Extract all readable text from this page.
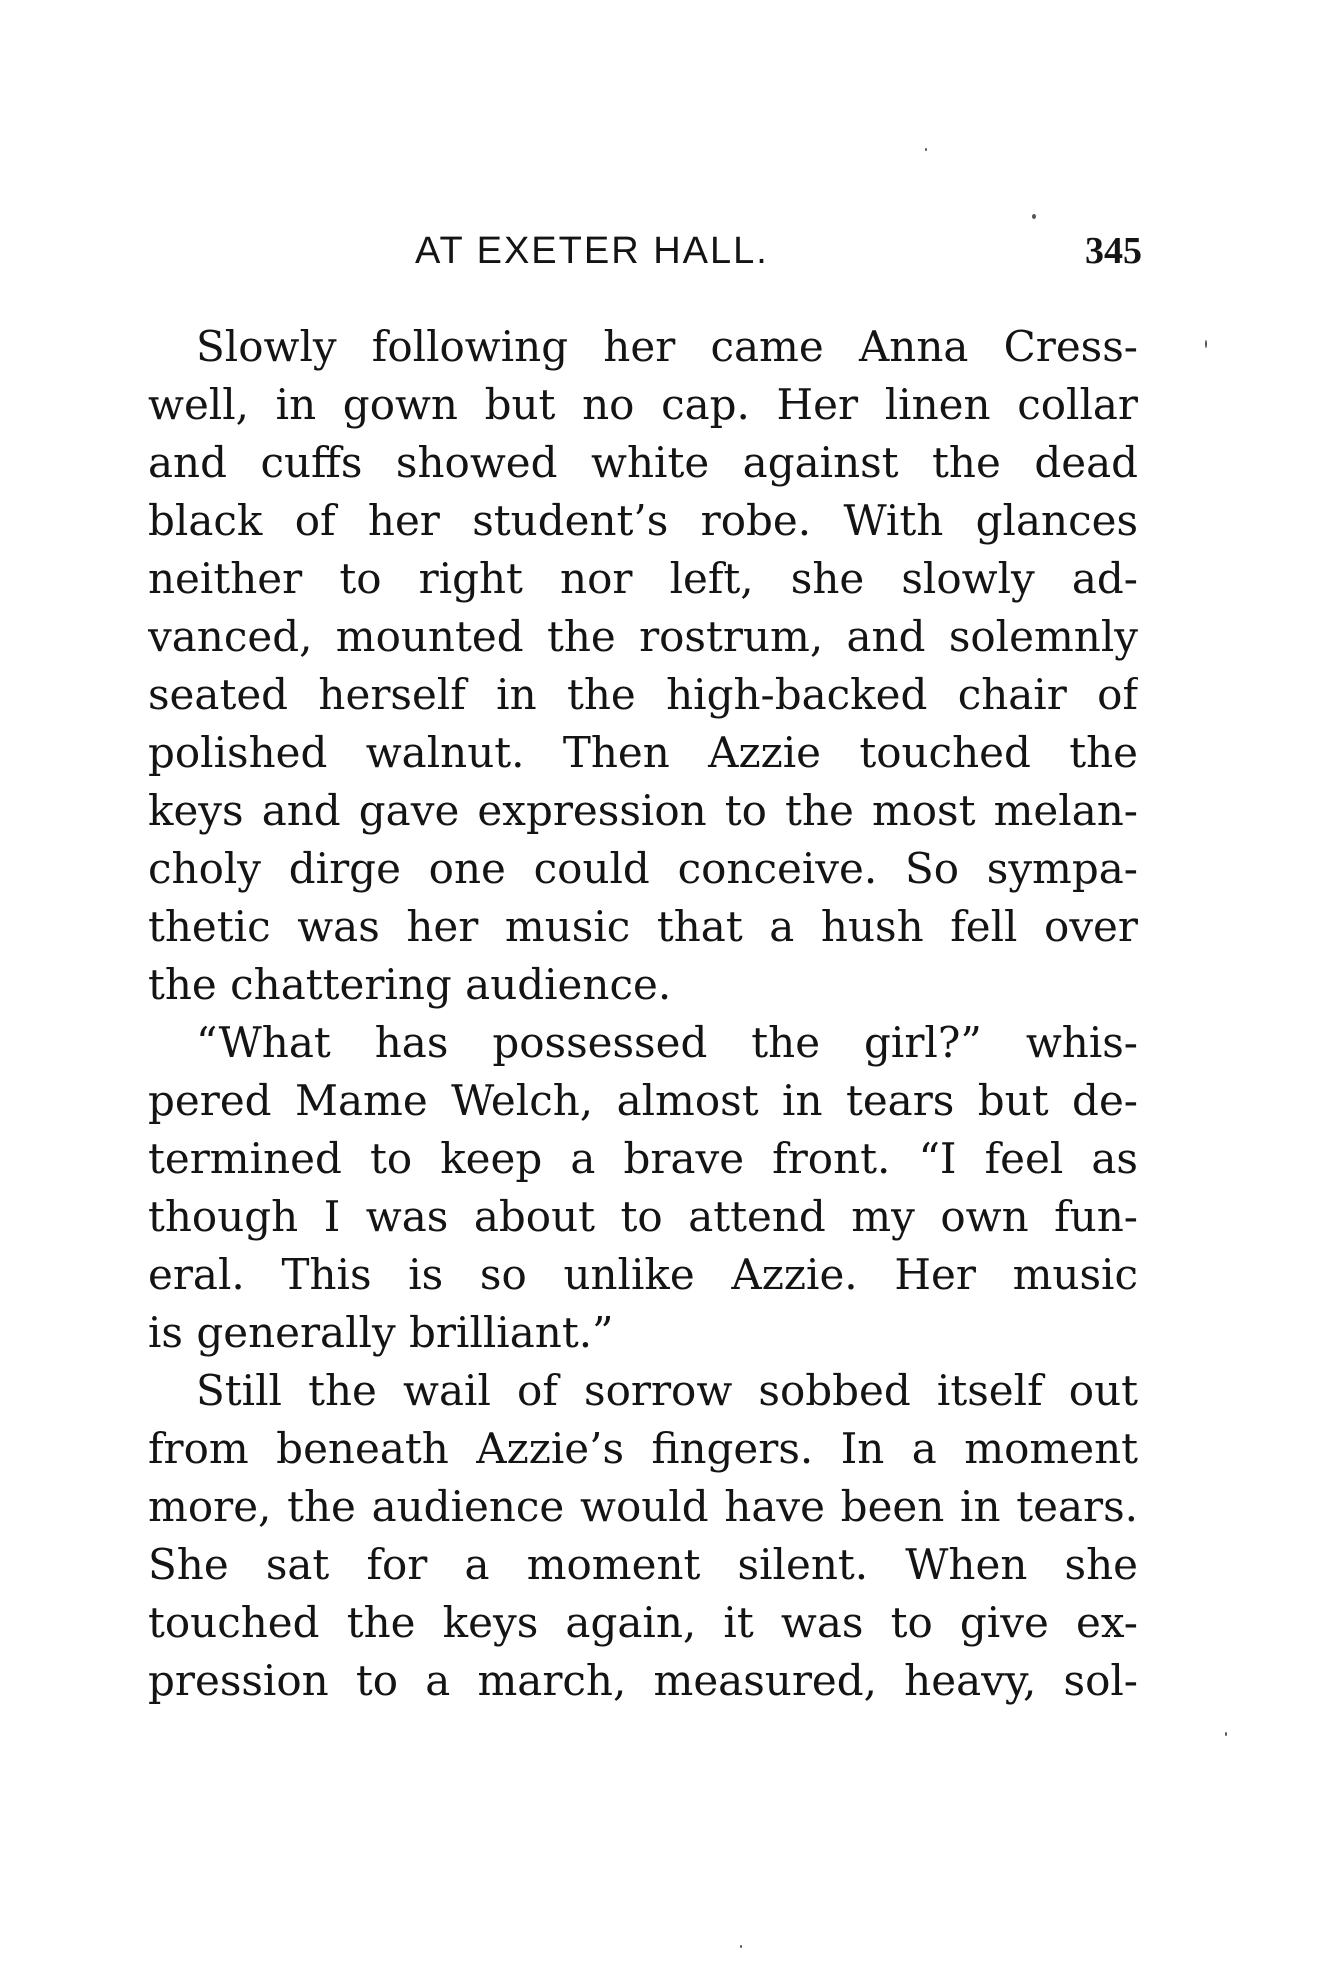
AT EXETER HALL.	345
Slowly following her came Anna Cress-
well, in gown but no cap. Her linen collar
and cuffs showed white against the dead
black of her student’s robe. With glances
neither to right nor left, she slowly ad-
vanced, mounted the rostrum, and solemnly
seated herself in the high-backed chair of
polished walnut. Then Azzie touched the
keys and gave expression to the most melan-
choly dirge one could conceive. So sympa-
thetic was her music that a hush fell over
the chattering audience.
“What has possessed the girl?” whis-
pered Mame Welch, almost in tears but de-
termined to keep a brave front. “I feel as
though I was about to attend my own fun-
eral. This is so unlike Azzie. Her music
is generally brilliant.”
Still the wail of sorrow sobbed itself out
from beneath Azzie’s fingers. In a moment
more, the audience would have been in tears.
She sat for a moment silent. When she
touched the keys again, it was to give ex-
pression to a march, measured, heavy, sol-
